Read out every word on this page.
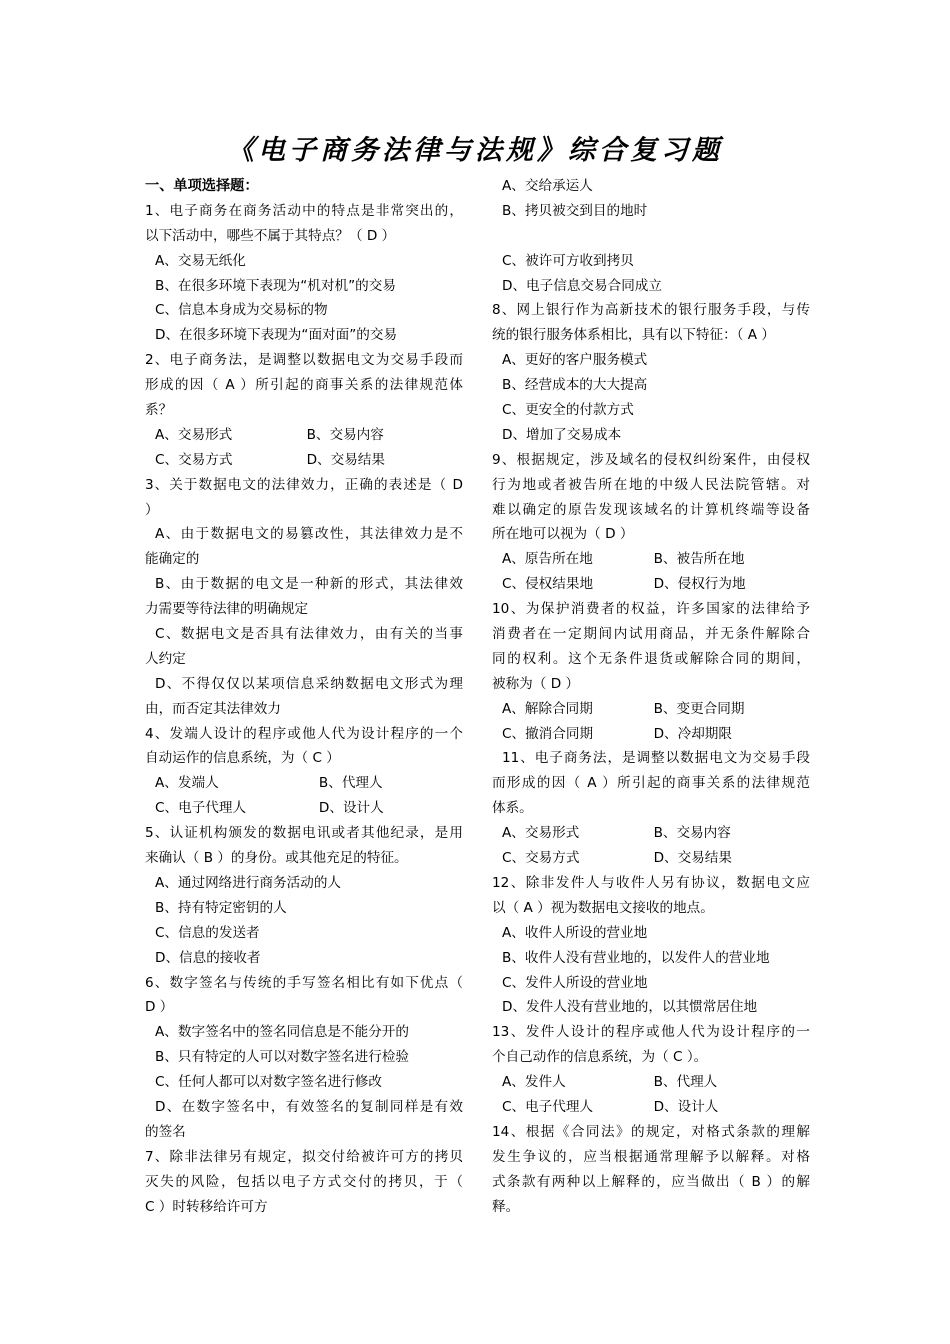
《电子商务法律与法规》综合复习题
一、单项选择题：
1、电子商务在商务活动中的特点是非常突出的，
以下活动中，哪些不属于其特点？（ D ）
A、交易无纸化
B、在很多环境下表现为“机对机”的交易
C、信息本身成为交易标的物
D、在很多环境下表现为“面对面”的交易
2、电子商务法，是调整以数据电文为交易手段而
形成的因（ A ）所引起的商事关系的法律规范体
系？
A、交易形式	B、交易内容
C、交易方式	D、交易结果
3、关于数据电文的法律效力，正确的表述是（ D
）
A、由于数据电文的易篡改性，其法律效力是不
能确定的
B、由于数据的电文是一种新的形式，其法律效
力需要等待法律的明确规定
C、数据电文是否具有法律效力，由有关的当事
人约定
D、不得仅仅以某项信息采纳数据电文形式为理
由，而否定其法律效力
4、发端人设计的程序或他人代为设计程序的一个
自动运作的信息系统，为（ C ）
A、发端人	B、代理人
C、电子代理人	D、设计人
5、认证机构颁发的数据电讯或者其他纪录，是用
来确认（ B ）的身份。或其他充足的特征。
A、通过网络进行商务活动的人
B、持有特定密钥的人
C、信息的发送者
D、信息的接收者
6、数字签名与传统的手写签名相比有如下优点（
D ）
A、数字签名中的签名同信息是不能分开的
B、只有特定的人可以对数字签名进行检验
C、任何人都可以对数字签名进行修改
D、在数字签名中，有效签名的复制同样是有效
的签名
7、除非法律另有规定，拟交付给被许可方的拷贝
灭失的风险，包括以电子方式交付的拷贝，于（
C ）时转移给许可方
A、交给承运人
B、拷贝被交到目的地时
C、被许可方收到拷贝
D、电子信息交易合同成立
8、网上银行作为高新技术的银行服务手段，与传
统的银行服务体系相比，具有以下特征：（ A ）
A、更好的客户服务模式
B、经营成本的大大提高
C、更安全的付款方式
D、增加了交易成本
9、根据规定，涉及域名的侵权纠纷案件，由侵权
行为地或者被告所在地的中级人民法院管辖。对
难以确定的原告发现该域名的计算机终端等设备
所在地可以视为（ D ）
A、原告所在地	B、被告所在地
C、侵权结果地	D、侵权行为地
10、为保护消费者的权益，许多国家的法律给予
消费者在一定期间内试用商品，并无条件解除合
同的权利。这个无条件退货或解除合同的期间，
被称为（ D ）
A、解除合同期	B、变更合同期
C、撤消合同期	D、冷却期限
11、电子商务法，是调整以数据电文为交易手段
而形成的因（ A ）所引起的商事关系的法律规范
体系。
A、交易形式	B、交易内容
C、交易方式	D、交易结果
12、除非发件人与收件人另有协议，数据电文应
以（ A ）视为数据电文接收的地点。
A、收件人所设的营业地
B、收件人没有营业地的，以发件人的营业地
C、发件人所设的营业地
D、发件人没有营业地的，以其惯常居住地
13、发件人设计的程序或他人代为设计程序的一
个自己动作的信息系统，为（ C ）。
A、发件人	B、代理人
C、电子代理人	D、设计人
14、根据《合同法》的规定，对格式条款的理解
发生争议的，应当根据通常理解予以解释。对格
式条款有两种以上解释的，应当做出（ B ）的解
释。
